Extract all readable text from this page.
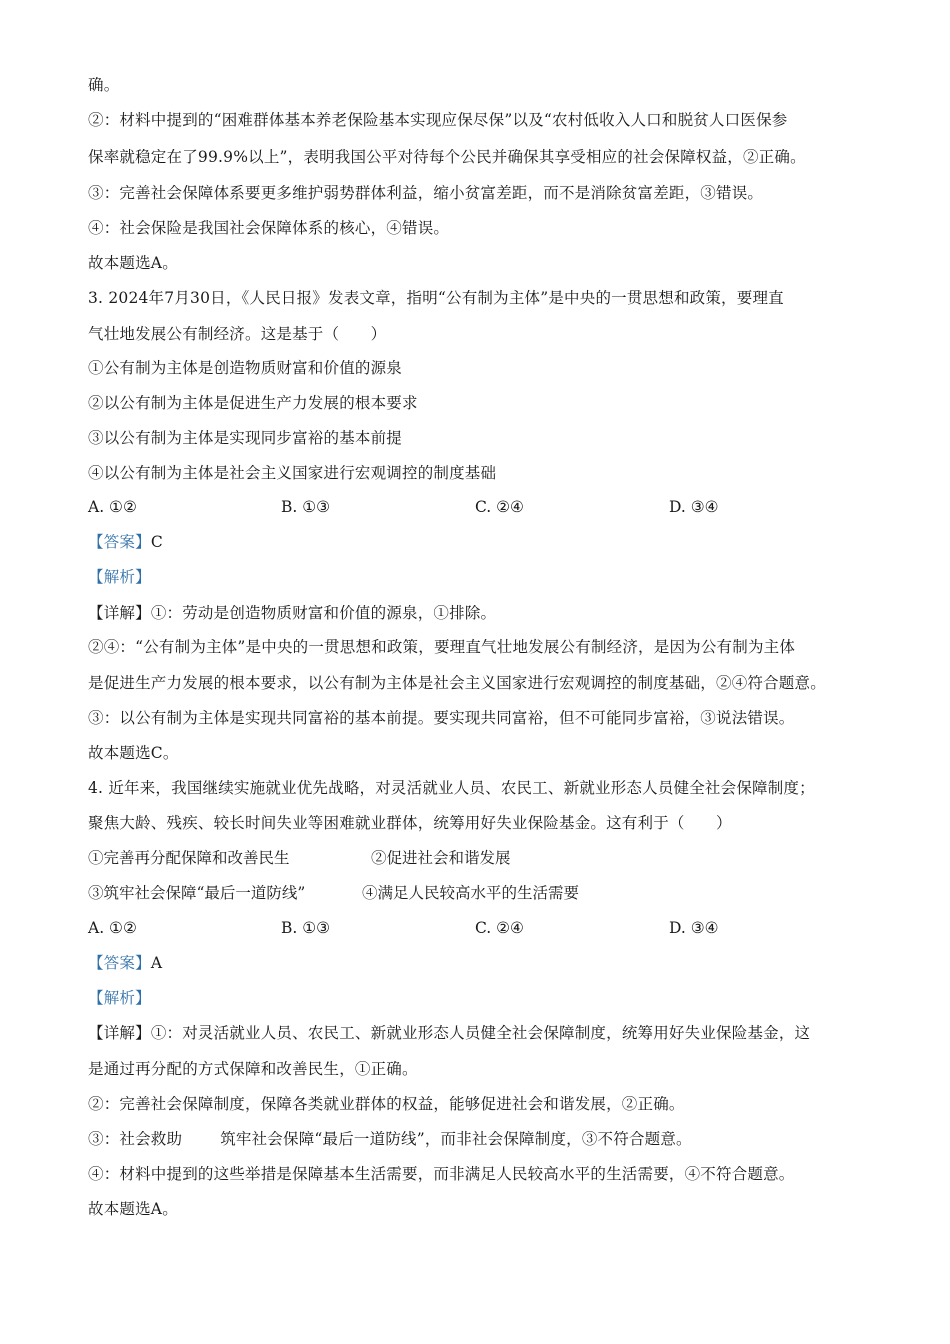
确。
②：材料中提到的“困难群体基本养老保险基本实现应保尽保”以及“农村低收入人口和脱贫人口医保参
保率就稳定在了99.9%以上”，表明我国公平对待每个公民并确保其享受相应的社会保障权益，②正确。
③：完善社会保障体系要更多维护弱势群体利益，缩小贫富差距，而不是消除贫富差距，③错误。
④：社会保险是我国社会保障体系的核心，④错误。
故本题选A。
3. 2024年7月30日，《人民日报》发表文章，指明“公有制为主体”是中央的一贯思想和政策，要理直
气壮地发展公有制经济。这是基于（　　）
①公有制为主体是创造物质财富和价值的源泉
②以公有制为主体是促进生产力发展的根本要求
③以公有制为主体是实现同步富裕的基本前提
④以公有制为主体是社会主义国家进行宏观调控的制度基础
A. ①②	B. ①③	C. ②④	D. ③④
【答案】C
【解析】
【详解】①：劳动是创造物质财富和价值的源泉，①排除。
②④：“公有制为主体”是中央的一贯思想和政策，要理直气壮地发展公有制经济，是因为公有制为主体
是促进生产力发展的根本要求，以公有制为主体是社会主义国家进行宏观调控的制度基础，②④符合题意。
③：以公有制为主体是实现共同富裕的基本前提。要实现共同富裕，但不可能同步富裕，③说法错误。
故本题选C。
4. 近年来，我国继续实施就业优先战略，对灵活就业人员、农民工、新就业形态人员健全社会保障制度；
聚焦大龄、残疾、较长时间失业等困难就业群体，统筹用好失业保险基金。这有利于（　　）
①完善再分配保障和改善民生	②促进社会和谐发展
③筑牢社会保障“最后一道防线”	④满足人民较高水平的生活需要
A. ①②	B. ①③	C. ②④	D. ③④
【答案】A
【解析】
【详解】①：对灵活就业人员、农民工、新就业形态人员健全社会保障制度，统筹用好失业保险基金，这
是通过再分配的方式保障和改善民生，①正确。
②：完善社会保障制度，保障各类就业群体的权益，能够促进社会和谐发展，②正确。
③：社会救助 筑牢社会保障“最后一道防线”，而非社会保障制度，③不符合题意。
④：材料中提到的这些举措是保障基本生活需要，而非满足人民较高水平的生活需要，④不符合题意。
故本题选A。
